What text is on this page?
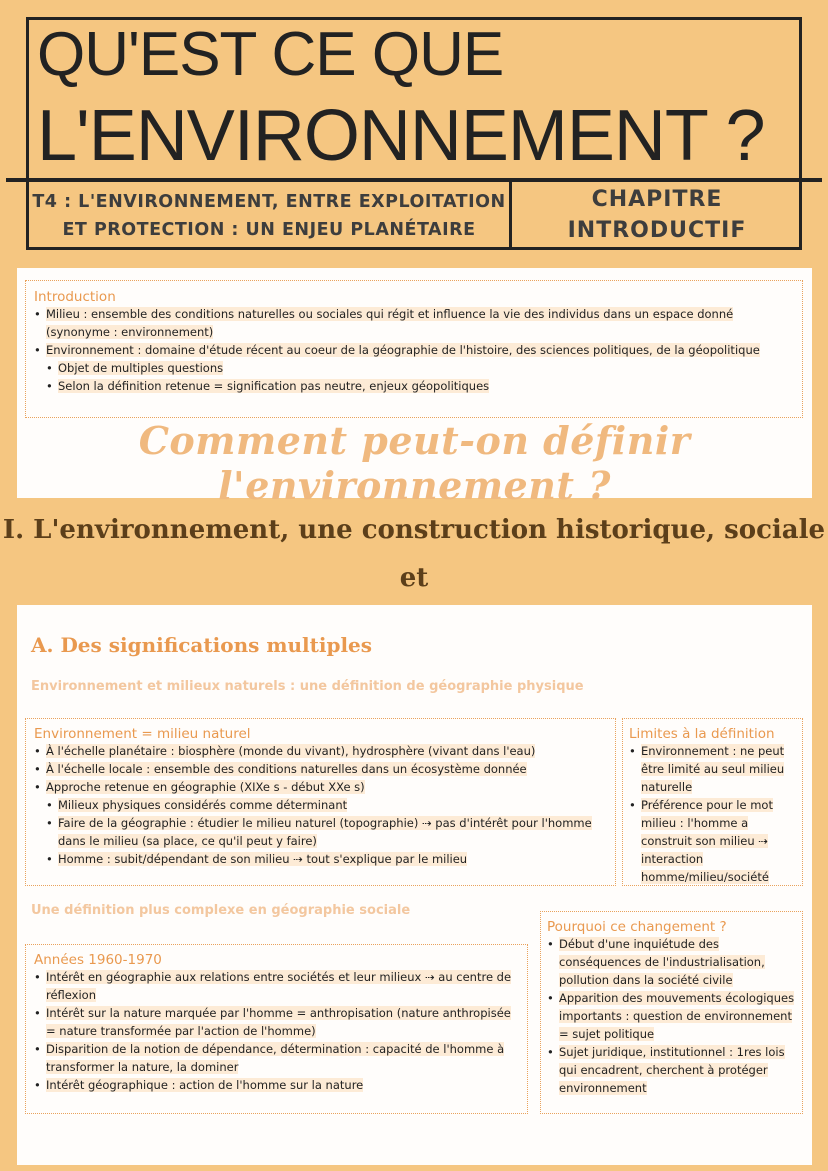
QU'EST CE QUE
L'ENVIRONNEMENT ?
T4 : L'ENVIRONNEMENT, ENTRE EXPLOITATION
ET PROTECTION : UN ENJEU PLANÉTAIRE
CHAPITRE
INTRODUCTIF
Introduction
• Milieu : ensemble des conditions naturelles ou sociales qui régit et influence la vie des individus dans un espace donné (synonyme : environnement)
• Environnement : domaine d'étude récent au coeur de la géographie de l'histoire, des sciences politiques, de la géopolitique
• Objet de multiples questions
• Selon la définition retenue = signification pas neutre, enjeux géopolitiques
Comment peut-on définir l'environnement ?
I. L'environnement, une construction historique, sociale et
A. Des significations multiples
Environnement et milieux naturels : une définition de géographie physique
Environnement = milieu naturel
• À l'échelle planétaire : biosphère (monde du vivant), hydrosphère (vivant dans l'eau)
• À l'échelle locale : ensemble des conditions naturelles dans un écosystème donnée
• Approche retenue en géographie (XIXe s - début XXe s)
• Milieux physiques considérés comme déterminant
• Faire de la géographie : étudier le milieu naturel (topographie) ⇢ pas d'intérêt pour l'homme dans le milieu (sa place, ce qu'il peut y faire)
• Homme : subit/dépendant de son milieu ⇢ tout s'explique par le milieu
Limites à la définition
• Environnement : ne peut être limité au seul milieu naturelle
• Préférence pour le mot milieu : l'homme a construit son milieu ⇢ interaction homme/milieu/société
Une définition plus complexe en géographie sociale
Années 1960-1970
• Intérêt en géographie aux relations entre sociétés et leur milieux ⇢ au centre de réflexion
• Intérêt sur la nature marquée par l'homme = anthropisation (nature anthropisée = nature transformée par l'action de l'homme)
• Disparition de la notion de dépendance, détermination : capacité de l'homme à transformer la nature, la dominer
• Intérêt géographique : action de l'homme sur la nature
Pourquoi ce changement ?
• Début d'une inquiétude des conséquences de l'industrialisation, pollution dans la société civile
• Apparition des mouvements écologiques importants : question de environnement = sujet politique
• Sujet juridique, institutionnel : 1res lois qui encadrent, cherchent à protéger environnement
